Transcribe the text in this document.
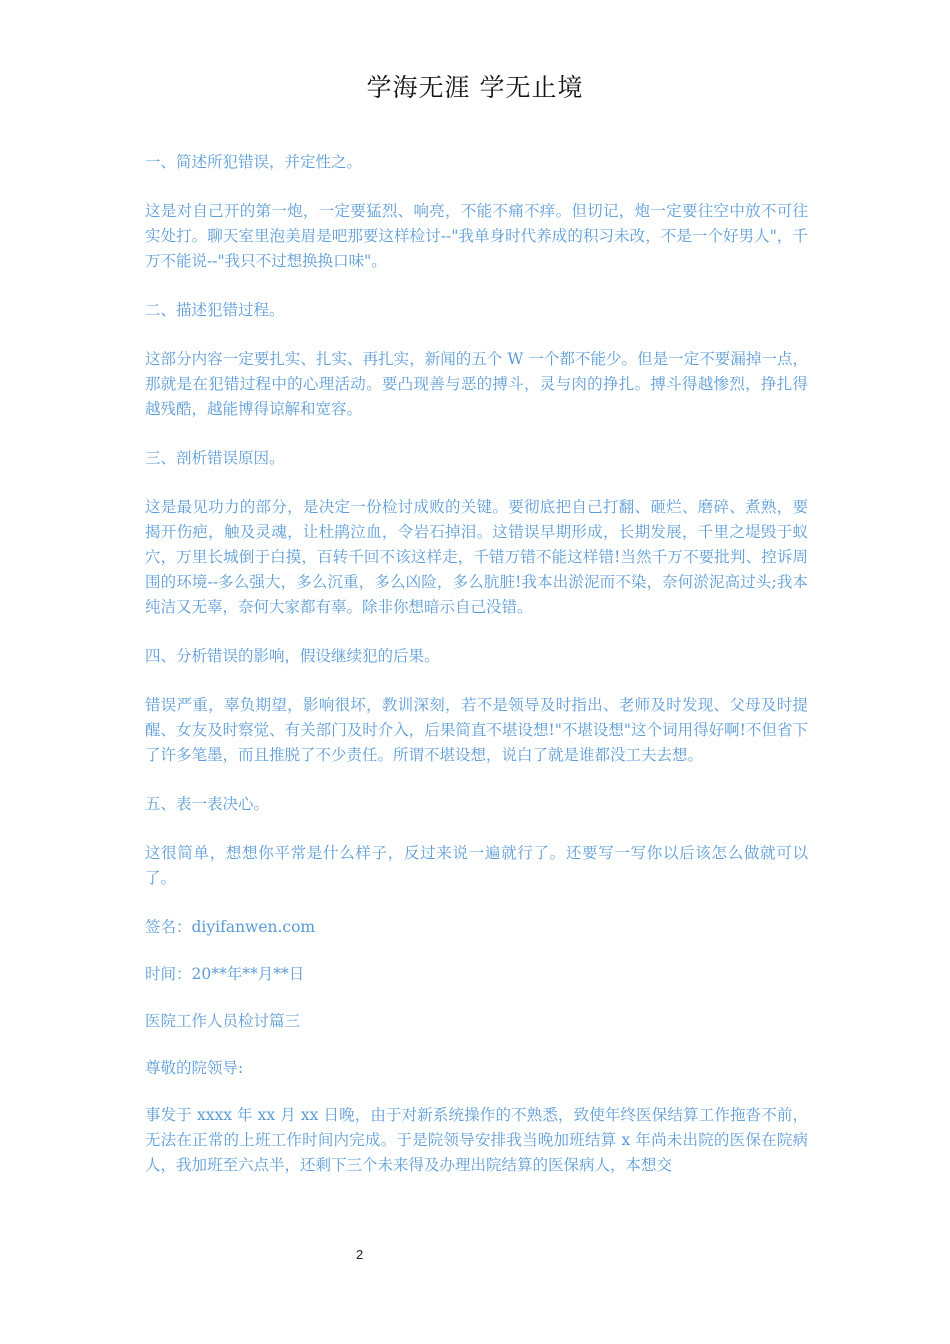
学海无涯 学无止境

一、简述所犯错误，并定性之。

这是对自己开的第一炮，一定要猛烈、响亮，不能不痛不痒。但切记，炮一定要往空中放不可往实处打。聊天室里泡美眉是吧那要这样检讨--"我单身时代养成的积习未改，不是一个好男人"，千万不能说--"我只不过想换换口味"。

二、描述犯错过程。

这部分内容一定要扎实、扎实、再扎实，新闻的五个 W 一个都不能少。但是一定不要漏掉一点，那就是在犯错过程中的心理活动。要凸现善与恶的搏斗，灵与肉的挣扎。搏斗得越惨烈，挣扎得越残酷，越能博得谅解和宽容。

三、剖析错误原因。

这是最见功力的部分，是决定一份检讨成败的关键。要彻底把自己打翻、砸烂、磨碎、煮熟，要揭开伤疤，触及灵魂，让杜鹃泣血，令岩石掉泪。这错误早期形成，长期发展，千里之堤毁于蚁穴，万里长城倒于白摸，百转千回不该这样走，千错万错不能这样错!当然千万不要批判、控诉周围的环境--多么强大，多么沉重，多么凶险，多么肮脏!我本出淤泥而不染，奈何淤泥高过头;我本纯洁又无辜，奈何大家都有辜。除非你想暗示自己没错。

四、分析错误的影响，假设继续犯的后果。

错误严重，辜负期望，影响很坏，教训深刻，若不是领导及时指出、老师及时发现、父母及时提醒、女友及时察觉、有关部门及时介入，后果简直不堪设想!"不堪设想"这个词用得好啊!不但省下了许多笔墨，而且推脱了不少责任。所谓不堪设想，说白了就是谁都没工夫去想。

五、表一表决心。

这很简单，想想你平常是什么样子，反过来说一遍就行了。还要写一写你以后该怎么做就可以了。

签名：diyifanwen.com

时间：20**年**月**日

医院工作人员检讨篇三

尊敬的院领导:

事发于 xxxx 年 xx 月 xx 日晚，由于对新系统操作的不熟悉，致使年终医保结算工作拖沓不前，无法在正常的上班工作时间内完成。于是院领导安排我当晚加班结算 x 年尚未出院的医保在院病人，我加班至六点半，还剩下三个未来得及办理出院结算的医保病人，本想交

2
